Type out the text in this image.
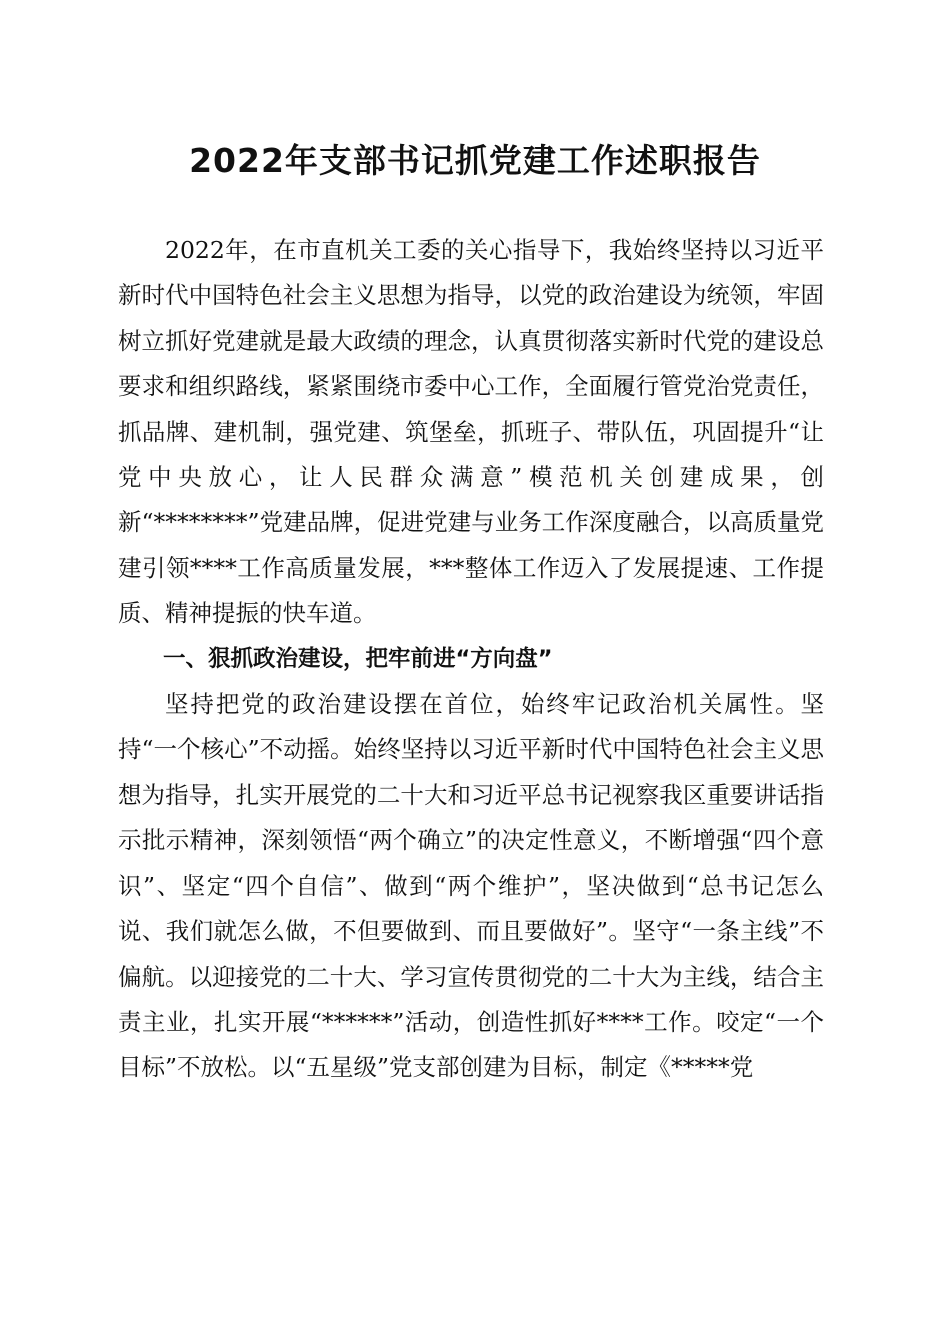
2022年支部书记抓党建工作述职报告

2022年，在市直机关工委的关心指导下，我始终坚持以习近平新时代中国特色社会主义思想为指导，以党的政治建设为统领，牢固树立抓好党建就是最大政绩的理念，认真贯彻落实新时代党的建设总要求和组织路线，紧紧围绕市委中心工作，全面履行管党治党责任，抓品牌、建机制，强党建、筑堡垒，抓班子、带队伍，巩固提升“让党中央放心，让人民群众满意”模范机关创建成果，创新“********”党建品牌，促进党建与业务工作深度融合，以高质量党建引领****工作高质量发展，***整体工作迈入了发展提速、工作提质、精神提振的快车道。

一、狠抓政治建设，把牢前进“方向盘”

坚持把党的政治建设摆在首位，始终牢记政治机关属性。坚持“一个核心”不动摇。始终坚持以习近平新时代中国特色社会主义思想为指导，扎实开展党的二十大和习近平总书记视察我区重要讲话指示批示精神，深刻领悟“两个确立”的决定性意义，不断增强“四个意识”、坚定“四个自信”、做到“两个维护”，坚决做到“总书记怎么说、我们就怎么做，不但要做到、而且要做好”。坚守“一条主线”不偏航。以迎接党的二十大、学习宣传贯彻党的二十大为主线，结合主责主业，扎实开展“******”活动，创造性抓好****工作。咬定“一个目标”不放松。以“五星级”党支部创建为目标，制定《*****党
